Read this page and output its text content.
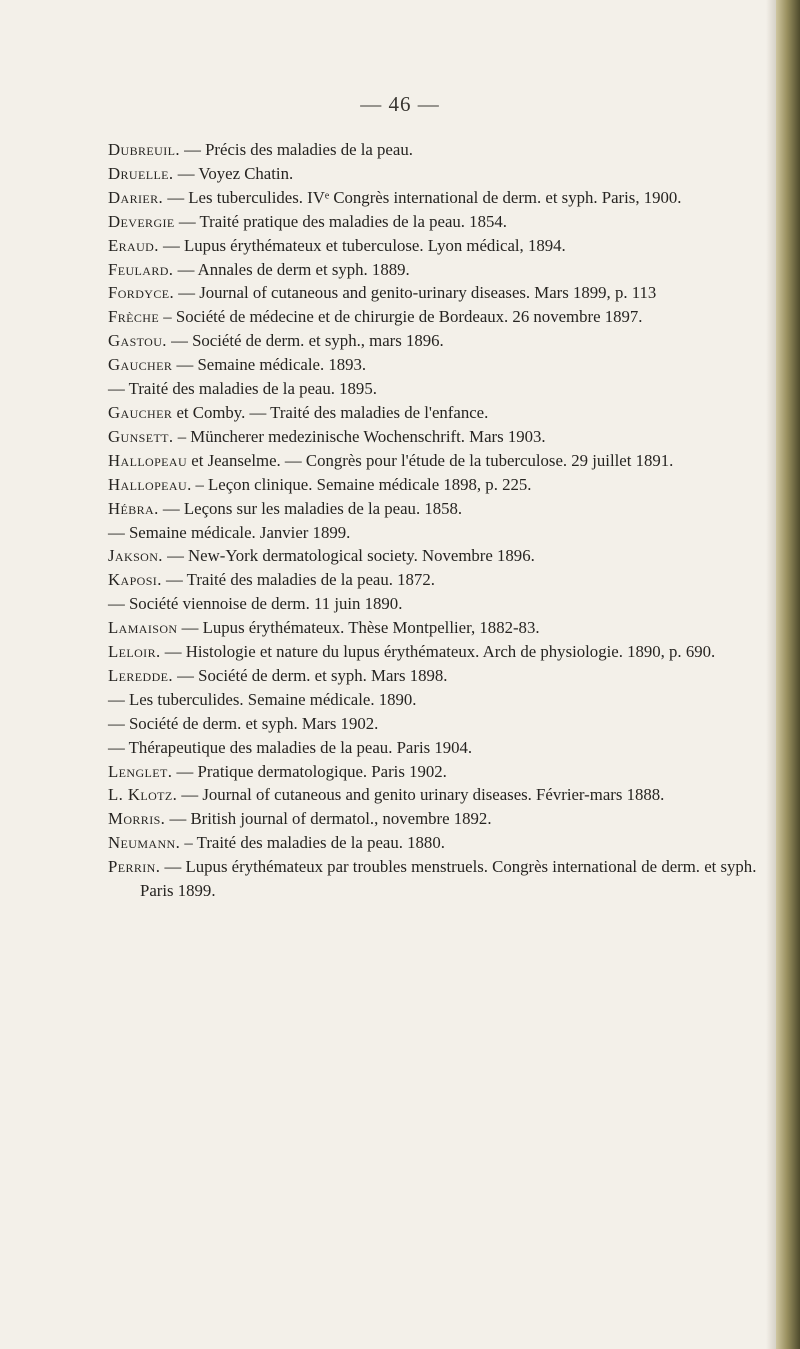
— 46 —
Dubreuil. — Précis des maladies de la peau.
Druelle. — Voyez Chatin.
Darier. — Les tuberculides. IVᵉ Congrès international de derm. et syph. Paris, 1900.
Devergie — Traité pratique des maladies de la peau. 1854.
Eraud. — Lupus érythémateux et tuberculose. Lyon médical, 1894.
Feulard. — Annales de derm et syph. 1889.
Fordyce. — Journal of cutaneous and genito-urinary diseases. Mars 1899, p. 113
Frèche – Société de médecine et de chirurgie de Bordeaux. 26 novembre 1897.
Gastou. — Société de derm. et syph., mars 1896.
Gaucher — Semaine médicale. 1893.
— Traité des maladies de la peau. 1895.
Gaucher et Comby. — Traité des maladies de l'enfance.
Gunsett. – Müncherer medezinische Wochenschrift. Mars 1903.
Hallopeau et Jeanselme. — Congrès pour l'étude de la tuberculose. 29 juillet 1891.
Hallopeau. – Leçon clinique. Semaine médicale 1898, p. 225.
Hébra. — Leçons sur les maladies de la peau. 1858.
— Semaine médicale. Janvier 1899.
Jakson. — New-York dermatological society. Novembre 1896.
Kaposi. — Traité des maladies de la peau. 1872.
— Société viennoise de derm. 11 juin 1890.
Lamaison — Lupus érythémateux. Thèse Montpellier, 1882-83.
Leloir. — Histologie et nature du lupus érythémateux. Arch de physiologie. 1890, p. 690.
Leredde. — Société de derm. et syph. Mars 1898.
— Les tuberculides. Semaine médicale. 1890.
— Société de derm. et syph. Mars 1902.
— Thérapeutique des maladies de la peau. Paris 1904.
Lenglet. — Pratique dermatologique. Paris 1902.
L. Klotz. — Journal of cutaneous and genito urinary diseases. Février-mars 1888.
Morris. — British journal of dermatol., novembre 1892.
Neumann. – Traité des maladies de la peau. 1880.
Perrin. — Lupus érythémateux par troubles menstruels. Congrès international de derm. et syph. Paris 1899.
